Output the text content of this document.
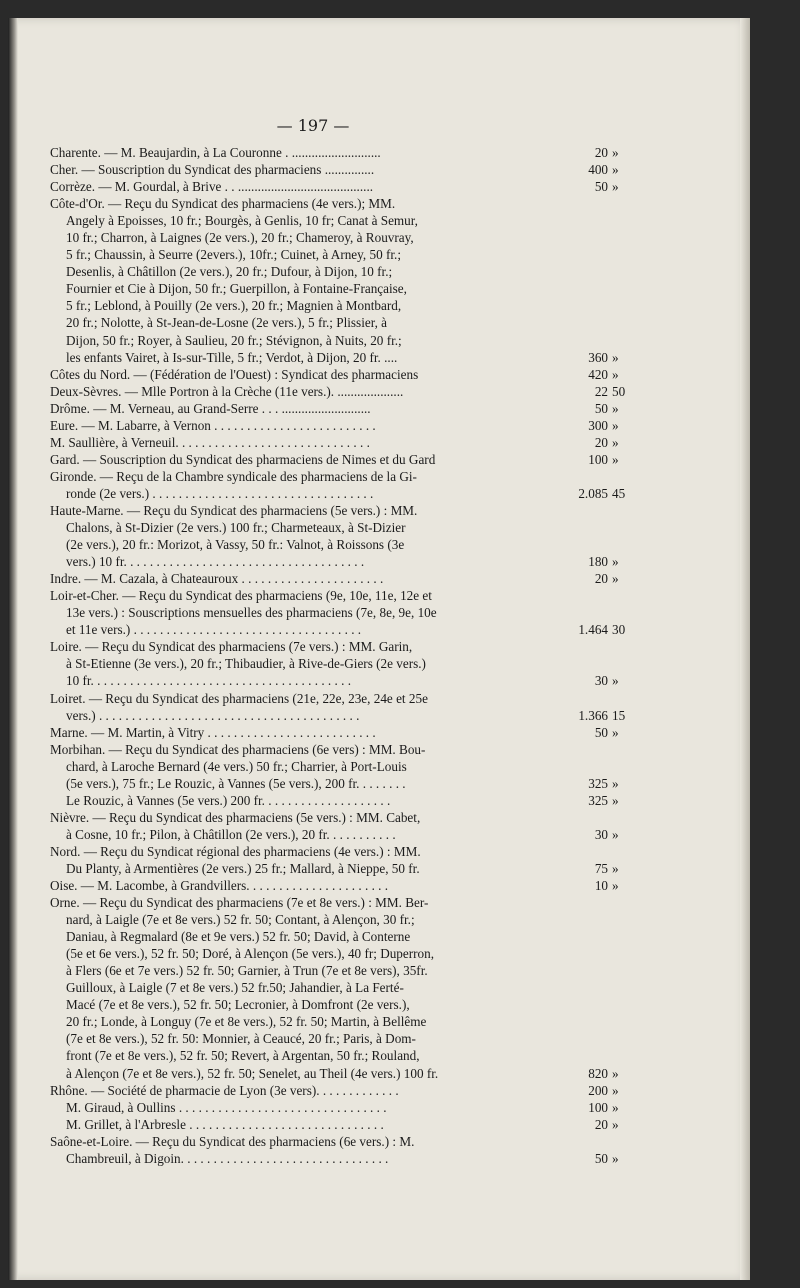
— 197 —
Charente. — M. Beaujardin, à La Couronne . ...........................	20 »
Cher. — Souscription du Syndicat des pharmaciens ...............	400 »
Corrèze. — M. Gourdal, à Brive . . .........................................	50 »
Côte-d'Or. — Reçu du Syndicat des pharmaciens (4e vers.); MM.
Angely à Epoisses, 10 fr.; Bourgès, à Genlis, 10 fr; Canat à Semur,
10 fr.; Charron, à Laignes (2e vers.), 20 fr.; Chameroy, à Rouvray,
5 fr.; Chaussin, à Seurre (2evers.), 10fr.; Cuinet, à Arney, 50 fr.;
Desenlis, à Châtillon (2e vers.), 20 fr.; Dufour, à Dijon, 10 fr.;
Fournier et Cie à Dijon, 50 fr.; Guerpillon, à Fontaine-Française,
5 fr.; Leblond, à Pouilly (2e vers.), 20 fr.; Magnien à Montbard,
20 fr.; Nolotte, à St-Jean-de-Losne (2e vers.), 5 fr.; Plissier, à
Dijon, 50 fr.; Royer, à Saulieu, 20 fr.; Stévignon, à Nuits, 20 fr.;
les enfants Vairet, à Is-sur-Tille, 5 fr.; Verdot, à Dijon, 20 fr. ....	360 »
Côtes du Nord. — (Fédération de l'Ouest) : Syndicat des pharmaciens	420 »
Deux-Sèvres. — Mlle Portron à la Crèche (11e vers.). ....................	22 50
Drôme. — M. Verneau, au Grand-Serre . . . ...........................	50 »
Eure. — M. Labarre, à Vernon . . . . . . . . . . . . . . . . . . . . . . . . .	300 »
M. Saullière, à Verneuil. . . . . . . . . . . . . . . . . . . . . . . . . . . . . .	20 »
Gard. — Souscription du Syndicat des pharmaciens de Nimes et du Gard	100 »
Gironde. — Reçu de la Chambre syndicale des pharmaciens de la Gi-
ronde (2e vers.) . . . . . . . . . . . . . . . . . . . . . . . . . . . . . . . . . .	2.085 45
Haute-Marne. — Reçu du Syndicat des pharmaciens (5e vers.) : MM.
Chalons, à St-Dizier (2e vers.) 100 fr.; Charmeteaux, à St-Dizier
(2e vers.), 20 fr.: Morizot, à Vassy, 50 fr.: Valnot, à Roissons (3e
vers.) 10 fr. . . . . . . . . . . . . . . . . . . . . . . . . . . . . . . . . . . . .	180 »
Indre. — M. Cazala, à Chateauroux . . . . . . . . . . . . . . . . . . . . . .	20 »
Loir-et-Cher. — Reçu du Syndicat des pharmaciens (9e, 10e, 11e, 12e et
13e vers.) : Souscriptions mensuelles des pharmaciens (7e, 8e, 9e, 10e
et 11e vers.) . . . . . . . . . . . . . . . . . . . . . . . . . . . . . . . . . . .	1.464 30
Loire. — Reçu du Syndicat des pharmaciens (7e vers.) : MM. Garin,
à St-Etienne (3e vers.), 20 fr.; Thibaudier, à Rive-de-Giers (2e vers.)
10 fr. . . . . . . . . . . . . . . . . . . . . . . . . . . . . . . . . . . . . . . .	30 »
Loiret. — Reçu du Syndicat des pharmaciens (21e, 22e, 23e, 24e et 25e
vers.) . . . . . . . . . . . . . . . . . . . . . . . . . . . . . . . . . . . . . . . .	1.366 15
Marne. — M. Martin, à Vitry . . . . . . . . . . . . . . . . . . . . . . . . . .	50 »
Morbihan. — Reçu du Syndicat des pharmaciens (6e vers) : MM. Bou-
chard, à Laroche Bernard (4e vers.) 50 fr.; Charrier, à Port-Louis
(5e vers.), 75 fr.; Le Rouzic, à Vannes (5e vers.), 200 fr. . . . . . . .	325 »
Le Rouzic, à Vannes (5e vers.) 200 fr. . . . . . . . . . . . . . . . . . . .	325 »
Nièvre. — Reçu du Syndicat des pharmaciens (5e vers.) : MM. Cabet,
à Cosne, 10 fr.; Pilon, à Châtillon (2e vers.), 20 fr. . . . . . . . . . .	30 »
Nord. — Reçu du Syndicat régional des pharmaciens (4e vers.) : MM.
Du Planty, à Armentières (2e vers.) 25 fr.; Mallard, à Nieppe, 50 fr.	75 »
Oise. — M. Lacombe, à Grandvillers. . . . . . . . . . . . . . . . . . . . . .	10 »
Orne. — Reçu du Syndicat des pharmaciens (7e et 8e vers.) : MM. Ber-
nard, à Laigle (7e et 8e vers.) 52 fr. 50; Contant, à Alençon, 30 fr.;
Daniau, à Regmalard (8e et 9e vers.) 52 fr. 50; David, à Conterne
(5e et 6e vers.), 52 fr. 50; Doré, à Alençon (5e vers.), 40 fr; Duperron,
à Flers (6e et 7e vers.) 52 fr. 50; Garnier, à Trun (7e et 8e vers), 35fr.
Guilloux, à Laigle (7 et 8e vers.) 52 fr.50; Jahandier, à La Ferté-
Macé (7e et 8e vers.), 52 fr. 50; Lecronier, à Domfront (2e vers.),
20 fr.; Londe, à Longuy (7e et 8e vers.), 52 fr. 50; Martin, à Bellême
(7e et 8e vers.), 52 fr. 50: Monnier, à Ceaucé, 20 fr.; Paris, à Dom-
front (7e et 8e vers.), 52 fr. 50; Revert, à Argentan, 50 fr.; Rouland,
à Alençon (7e et 8e vers.), 52 fr. 50; Senelet, au Theil (4e vers.) 100 fr.	820 »
Rhône. — Société de pharmacie de Lyon (3e vers). . . . . . . . . . . . .	200 »
M. Giraud, à Oullins . . . . . . . . . . . . . . . . . . . . . . . . . . . . . . . .	100 »
M. Grillet, à l'Arbresle . . . . . . . . . . . . . . . . . . . . . . . . . . . . . .	20 »
Saône-et-Loire. — Reçu du Syndicat des pharmaciens (6e vers.) : M.
Chambreuil, à Digoin. . . . . . . . . . . . . . . . . . . . . . . . . . . . . . . .	50 »
